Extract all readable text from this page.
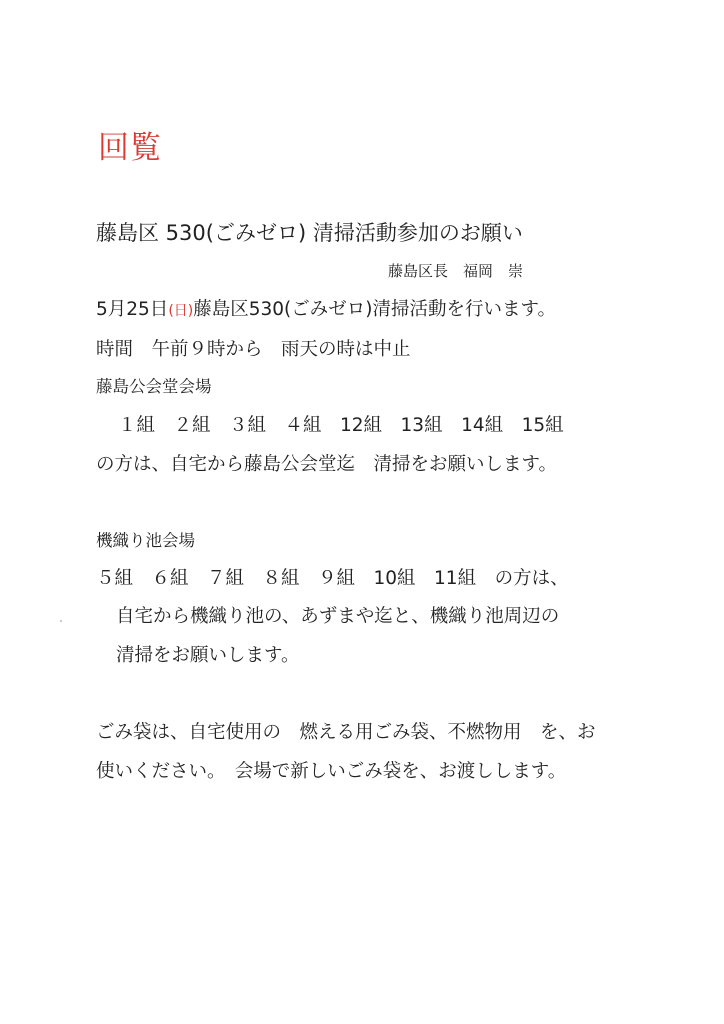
回覧
藤島区 530(ごみゼロ) 清掃活動参加のお願い
藤島区長　福岡　崇
5月25日(日)藤島区530(ごみゼロ)清掃活動を行います。
時間　午前９時から　雨天の時は中止
藤島公会堂会場
１組　２組　３組　４組　12組　13組　14組　15組
の方は、自宅から藤島公会堂迄　清掃をお願いします。
機織り池会場
５組　６組　７組　８組　９組　10組　11組　の方は、
自宅から機織り池の、あずまや迄と、機織り池周辺の
清掃をお願いします。
ごみ袋は、自宅使用の　燃える用ごみ袋、不燃物用　を、お
使いください。　会場で新しいごみ袋を、お渡しします。
